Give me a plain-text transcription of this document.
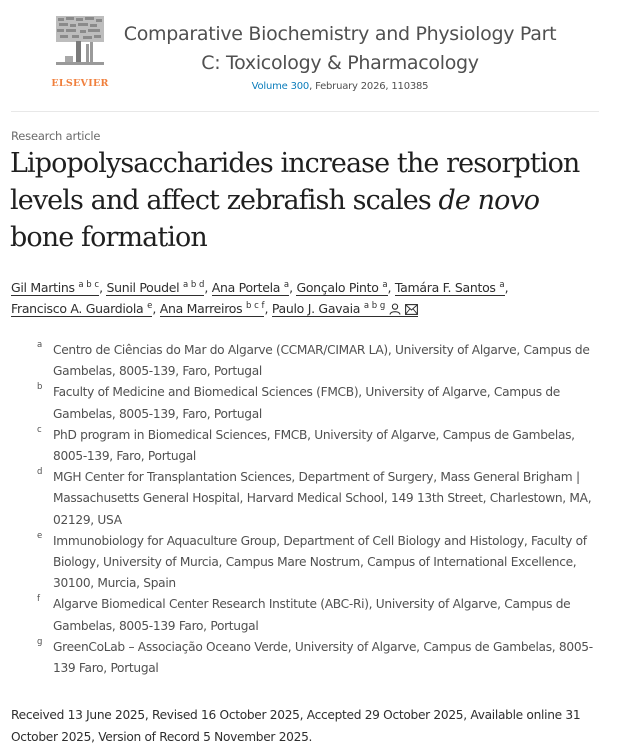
ELSEVIER
Comparative Biochemistry and Physiology Part
C: Toxicology & Pharmacology
Volume 300, February 2026, 110385
Research article
Lipopolysaccharides increase the resorption levels and affect zebrafish scales de novo bone formation
Gil Martins $^{a b c}$, Sunil Poudel $^{a b d}$, Ana Portela $^a$, Gonçalo Pinto $^a$, Tamára F. Santos $^a$,
Francisco A. Guardiola $^e$, Ana Marreiros $^{b c f}$, Paulo J. Gavaia $^{a b g}$
a Centro de Ciências do Mar do Algarve (CCMAR/CIMAR LA), University of Algarve, Campus de Gambelas, 8005-139, Faro, Portugal
b Faculty of Medicine and Biomedical Sciences (FMCB), University of Algarve, Campus de Gambelas, 8005-139, Faro, Portugal
c PhD program in Biomedical Sciences, FMCB, University of Algarve, Campus de Gambelas, 8005-139, Faro, Portugal
d MGH Center for Transplantation Sciences, Department of Surgery, Mass General Brigham | Massachusetts General Hospital, Harvard Medical School, 149 13th Street, Charlestown, MA, 02129, USA
e Immunobiology for Aquaculture Group, Department of Cell Biology and Histology, Faculty of Biology, University of Murcia, Campus Mare Nostrum, Campus of International Excellence, 30100, Murcia, Spain
f Algarve Biomedical Center Research Institute (ABC-Ri), University of Algarve, Campus de Gambelas, 8005-139 Faro, Portugal
g GreenCoLab – Associação Oceano Verde, University of Algarve, Campus de Gambelas, 8005-139 Faro, Portugal
Received 13 June 2025, Revised 16 October 2025, Accepted 29 October 2025, Available online 31 October 2025, Version of Record 5 November 2025.
